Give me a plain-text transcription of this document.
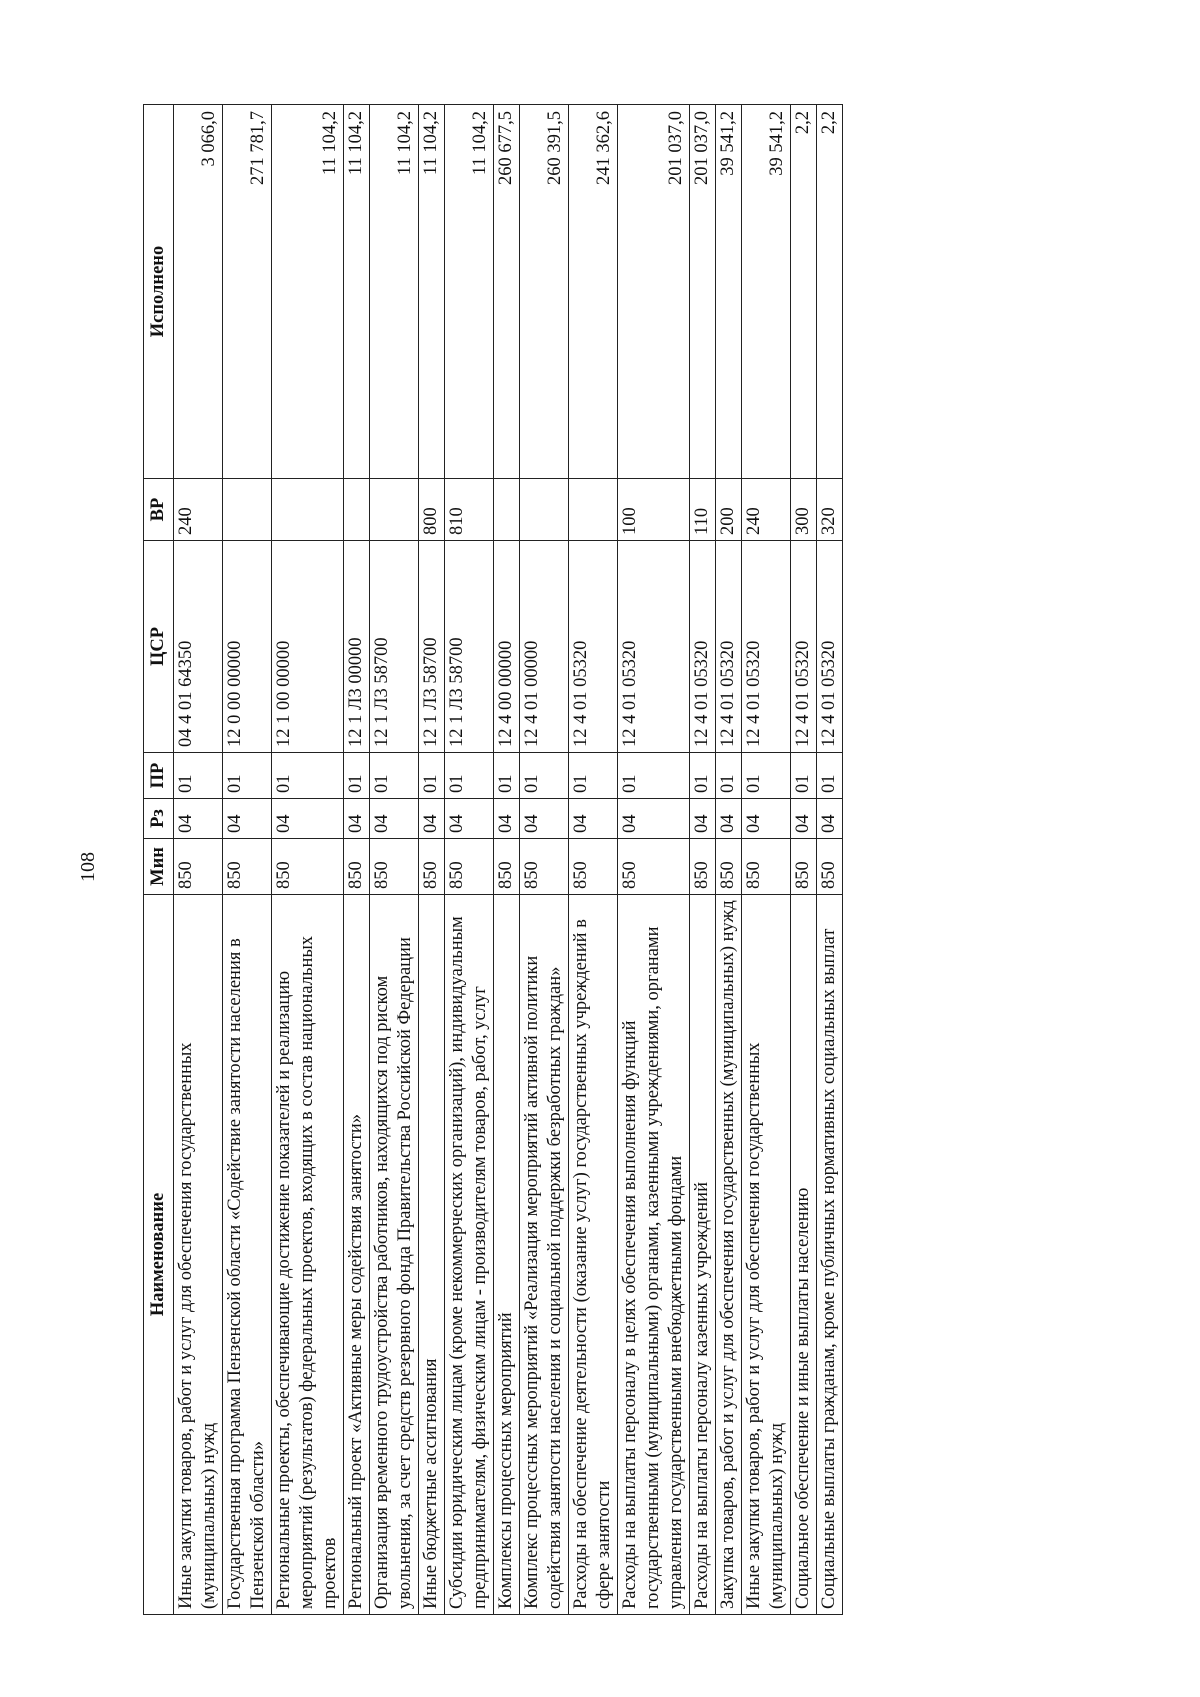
108
Наименование	Мин	Рз	ПР	ЦСР	ВР	Исполнено
Иные закупки товаров, работ и услуг для обеспечения государственных (муниципальных) нужд	850	04	01	04 4 01 64350	240	3 066,0
Государственная программа Пензенской области «Содействие занятости населения в Пензенской области»	850	04	01	12 0 00 00000		271 781,7
Региональные проекты, обеспечивающие достижение показателей и реализацию мероприятий (результатов) федеральных проектов, входящих в состав национальных проектов	850	04	01	12 1 00 00000		11 104,2
Региональный проект «Активные меры содействия занятости»	850	04	01	12 1 Л3 00000		11 104,2
Организация временного трудоустройства работников, находящихся под риском увольнения, за счет средств резервного фонда Правительства Российской Федерации	850	04	01	12 1 Л3 58700		11 104,2
Иные бюджетные ассигнования	850	04	01	12 1 Л3 58700	800	11 104,2
Субсидии юридическим лицам (кроме некоммерческих организаций), индивидуальным предпринимателям, физическим лицам - производителям товаров, работ, услуг	850	04	01	12 1 Л3 58700	810	11 104,2
Комплексы процессных мероприятий	850	04	01	12 4 00 00000		260 677,5
Комплекс процессных мероприятий «Реализация мероприятий активной политики содействия занятости населения и социальной поддержки безработных граждан»	850	04	01	12 4 01 00000		260 391,5
Расходы на обеспечение деятельности (оказание услуг) государственных учреждений в сфере занятости	850	04	01	12 4 01 05320		241 362,6
Расходы на выплаты персоналу в целях обеспечения выполнения функций государственными (муниципальными) органами, казенными учреждениями, органами управления государственными внебюджетными фондами	850	04	01	12 4 01 05320	100	201 037,0
Расходы на выплаты персоналу казенных учреждений	850	04	01	12 4 01 05320	110	201 037,0
Закупка товаров, работ и услуг для обеспечения государственных (муниципальных) нужд	850	04	01	12 4 01 05320	200	39 541,2
Иные закупки товаров, работ и услуг для обеспечения государственных (муниципальных) нужд	850	04	01	12 4 01 05320	240	39 541,2
Социальное обеспечение и иные выплаты населению	850	04	01	12 4 01 05320	300	2,2
Социальные выплаты гражданам, кроме публичных нормативных социальных выплат	850	04	01	12 4 01 05320	320	2,2
